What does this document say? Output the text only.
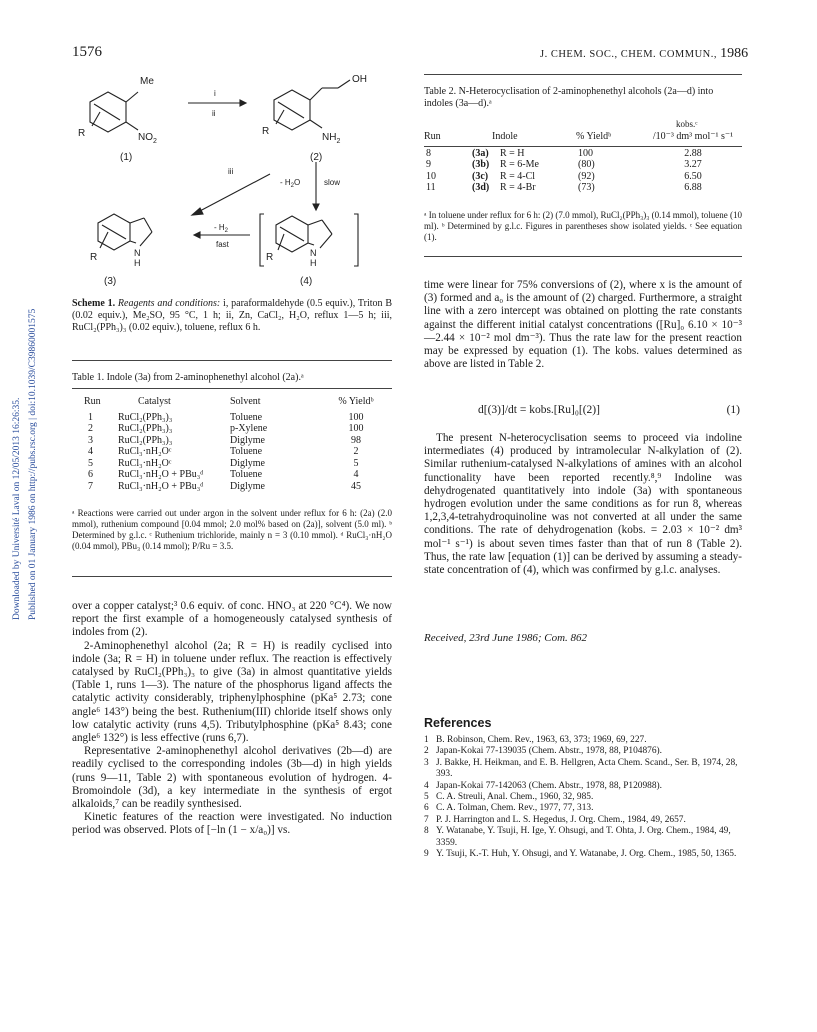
1576	J. CHEM. SOC., CHEM. COMMUN., 1986
Downloaded by Université Laval on 12/05/2013 16:26:35. Published on 01 January 1986 on http://pubs.rsc.org | doi:10.1039/C39860001575
Me
$NO_2$
R
(1)
i
ii
OH
$NH_2$
R
(2)
iii
- $H_2O$	slow
- $H_2$
fast
N
H
R
(3)
N
H
R
(4)
Scheme 1. Reagents and conditions: i, paraformaldehyde (0.5 equiv.), Triton B (0.02 equiv.), Me₂SO, 95 °C, 1 h; ii, Zn, CaCl₂, H₂O, reflux 1—5 h; iii, RuCl₂(PPh₃)₃ (0.02 equiv.), toluene, reflux 6 h.
Table 1. Indole (3a) from 2-aminophenethyl alcohol (2a).ᵃ
Run	Catalyst	Solvent	% Yieldᵇ

1	RuCl₂(PPh₃)₃	Toluene	100
2	RuCl₂(PPh₃)₃	p-Xylene	100
3	RuCl₂(PPh₃)₃	Diglyme	98
4	RuCl₃·nH₂Oᶜ	Toluene	2
5	RuCl₃·nH₂Oᶜ	Diglyme	5
6	RuCl₃·nH₂O + PBu₃ᵈ	Toluene	4
7	RuCl₃·nH₂O + PBu₃ᵈ	Diglyme	45
ᵃ Reactions were carried out under argon in the solvent under reflux for 6 h: (2a) (2.0 mmol), ruthenium compound [0.04 mmol; 2.0 mol% based on (2a)], solvent (5.0 ml). ᵇ Determined by g.l.c. ᶜ Ruthenium trichloride, mainly n = 3 (0.10 mmol). ᵈ RuCl₃·nH₂O (0.04 mmol), PBu₃ (0.14 mmol); P/Ru = 3.5.

over a copper catalyst;³ 0.6 equiv. of conc. HNO₃ at 220 °C⁴). We now report the first example of a homogeneously catalysed synthesis of indoles from (2).

2-Aminophenethyl alcohol (2a; R = H) is readily cyclised into indole (3a; R = H) in toluene under reflux. The reaction is effectively catalysed by RuCl₂(PPh₃)₃ to give (3a) in almost quantitative yields (Table 1, runs 1—3). The nature of the phosphorus ligand affects the catalytic activity considerably, triphenylphosphine (pKa⁵ 2.73; cone angle⁶ 143°) being the best. Ruthenium(III) chloride itself shows only low catalytic activity (runs 4,5). Tributylphosphine (pKa⁵ 8.43; cone angle⁶ 132°) is less effective (runs 6,7).

Representative 2-aminophenethyl alcohol derivatives (2b—d) are readily cyclised to the corresponding indoles (3b—d) in high yields (runs 9—11, Table 2) with spontaneous evolution of hydrogen. 4-Bromoindole (3d), a key intermediate in the synthesis of ergot alkaloids,⁷ can be readily synthesised.

Kinetic features of the reaction were investigated. No induction period was observed. Plots of [−ln (1 − x/a₀)] vs.

Table 2. N-Heterocyclisation of 2-aminophenethyl alcohols (2a—d) into indoles (3a—d).ᵃ
kobs.ᶜ
Run	Indole		% Yieldᵇ	/10⁻³ dm³ mol⁻¹ s⁻¹

8	(3a)	R = H	100	2.88
9	(3b)	R = 6-Me	(80)	3.27
10	(3c)	R = 4-Cl	(92)	6.50
11	(3d)	R = 4-Br	(73)	6.88
ᵃ In toluene under reflux for 6 h: (2) (7.0 mmol), RuCl₂(PPh₃)₃ (0.14 mmol), toluene (10 ml). ᵇ Determined by g.l.c. Figures in parentheses show isolated yields. ᶜ See equation (1).

time were linear for 75% conversions of (2), where x is the amount of (3) formed and a₀ is the amount of (2) charged. Furthermore, a straight line with a zero intercept was obtained on plotting the rate constants against the different initial catalyst concentrations ([Ru]₀ 6.10 × 10⁻³—2.44 × 10⁻² mol dm⁻³). Thus the rate law for the present reaction may be expressed by equation (1). The kobs. values determined as above are listed in Table 2.

d[(3)]/dt = kobs.[Ru]₀[(2)]	(1)

The present N-heterocyclisation seems to proceed via indoline intermediates (4) produced by intramolecular N-alkylation of (2). Similar ruthenium-catalysed N-alkylations of amines with an alcohol functionality have been reported recently.⁸,⁹ Indoline was dehydrogenated quantitatively into indole (3a) with spontaneous hydrogen evolution under the same conditions as for run 8, whereas 1,2,3,4-tetrahydroquinoline was not converted at all under the same conditions. The rate of dehydrogenation (kobs. = 2.03 × 10⁻² dm³ mol⁻¹ s⁻¹) is about seven times faster than that of run 8 (Table 2). Thus, the rate law [equation (1)] can be derived by assuming a steady-state concentration of (4), which was confirmed by g.l.c. analyses.

Received, 23rd June 1986; Com. 862
References
1 B. Robinson, Chem. Rev., 1963, 63, 373; 1969, 69, 227.
2 Japan-Kokai 77-139035 (Chem. Abstr., 1978, 88, P104876).
3 J. Bakke, H. Heikman, and E. B. Hellgren, Acta Chem. Scand., Ser. B, 1974, 28, 393.
4 Japan-Kokai 77-142063 (Chem. Abstr., 1978, 88, P120988).
5 C. A. Streuli, Anal. Chem., 1960, 32, 985.
6 C. A. Tolman, Chem. Rev., 1977, 77, 313.
7 P. J. Harrington and L. S. Hegedus, J. Org. Chem., 1984, 49, 2657.
8 Y. Watanabe, Y. Tsuji, H. Ige, Y. Ohsugi, and T. Ohta, J. Org. Chem., 1984, 49, 3359.
9 Y. Tsuji, K.-T. Huh, Y. Ohsugi, and Y. Watanabe, J. Org. Chem., 1985, 50, 1365.
